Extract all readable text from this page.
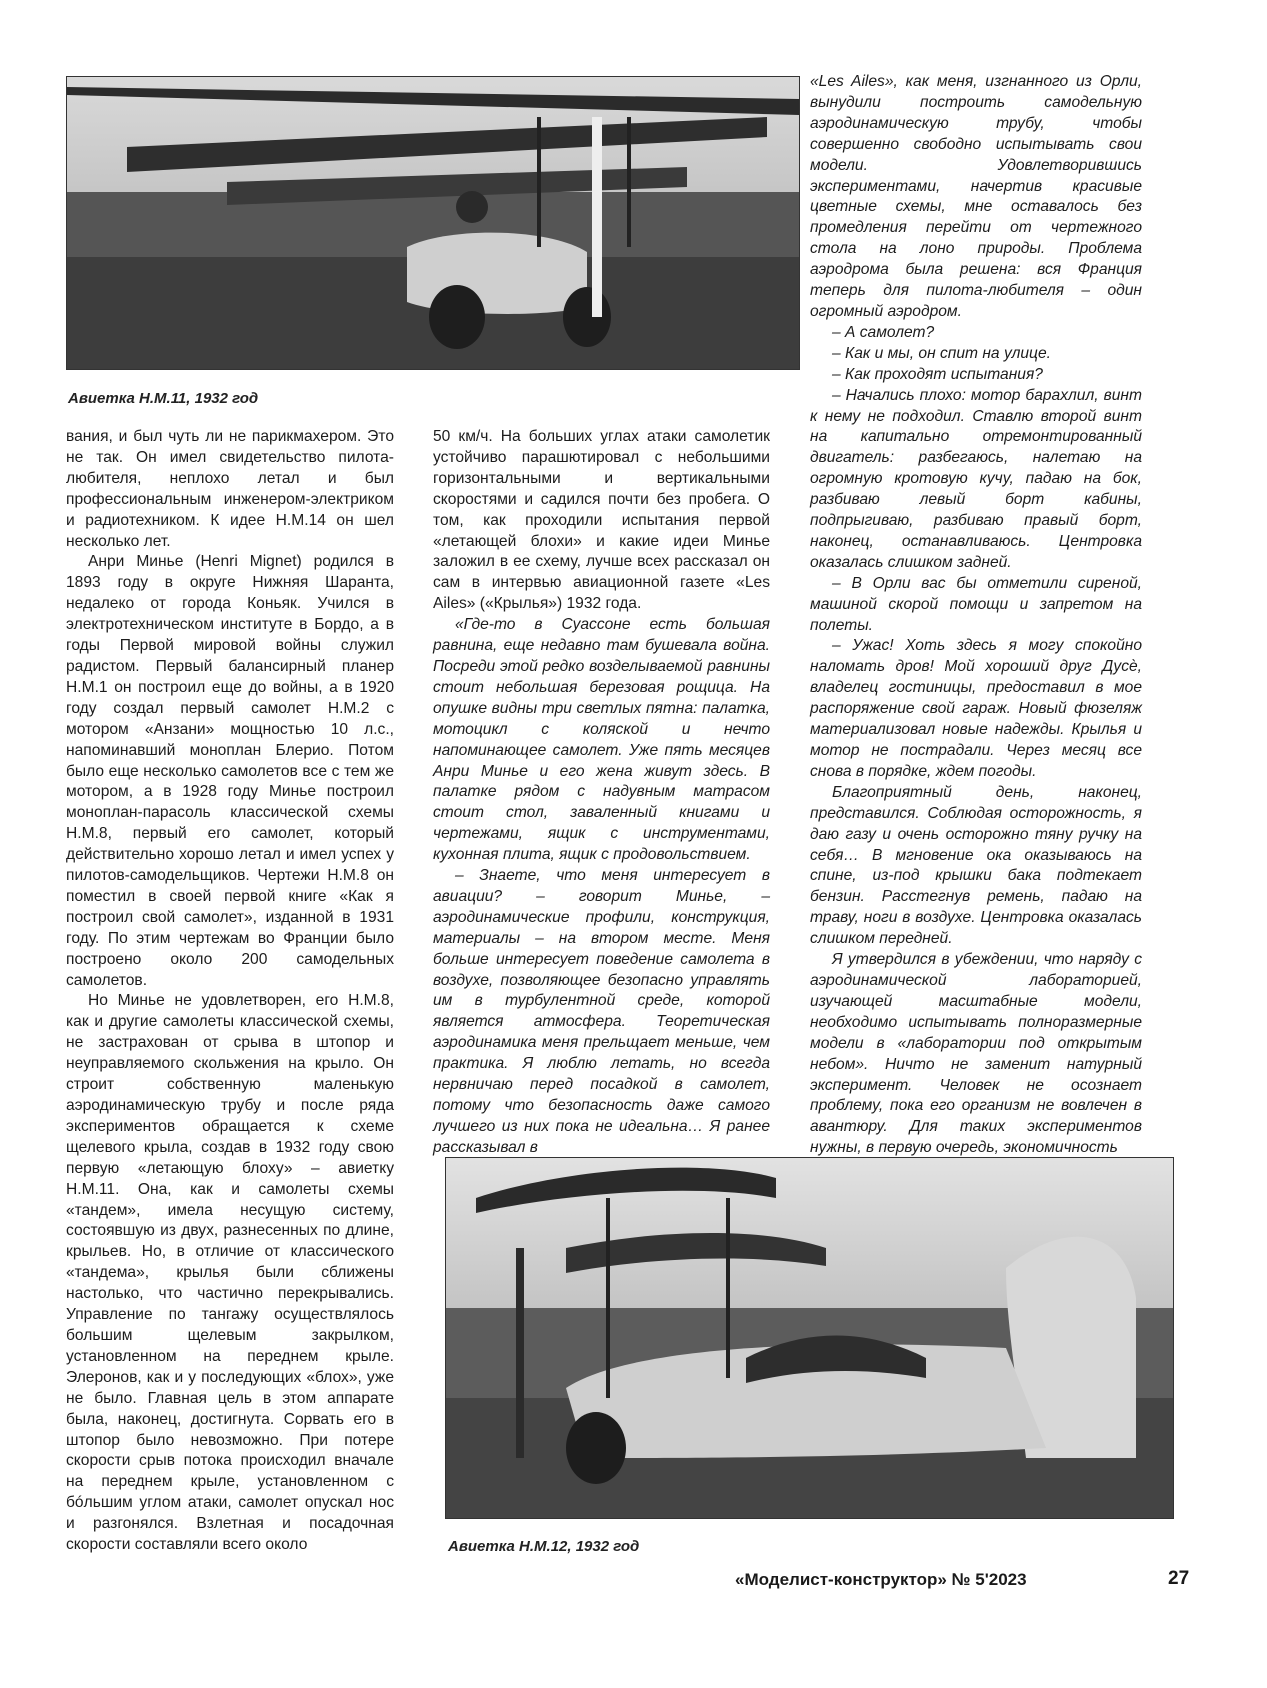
Авиетка Н.М.11, 1932 год

вания, и был чуть ли не парикмахером. Это не так. Он имел свидетельство пилота-любителя, неплохо летал и был профессиональным инженером-электриком и радиотехником. К идее Н.М.14 он шел несколько лет.

Анри Минье (Henri Mignet) родился в 1893 году в округе Нижняя Шаранта, недалеко от города Коньяк. Учился в электротехническом институте в Бордо, а в годы Первой мировой войны служил радистом. Первый балансирный планер Н.М.1 он построил еще до войны, а в 1920 году создал первый самолет Н.М.2 с мотором «Анзани» мощностью 10 л.с., напоминавший моноплан Блерио. Потом было еще несколько самолетов все с тем же мотором, а в 1928 году Минье построил моноплан-парасоль классической схемы Н.М.8, первый его самолет, который действительно хорошо летал и имел успех у пилотов-самодельщиков. Чертежи Н.М.8 он поместил в своей первой книге «Как я построил свой самолет», изданной в 1931 году. По этим чертежам во Франции было построено около 200 самодельных самолетов.

Но Минье не удовлетворен, его Н.М.8, как и другие самолеты классической схемы, не застрахован от срыва в штопор и неуправляемого скольжения на крыло. Он строит собственную маленькую аэродинамическую трубу и после ряда экспериментов обращается к схеме щелевого крыла, создав в 1932 году свою первую «летающую блоху» – авиетку Н.М.11. Она, как и самолеты схемы «тандем», имела несущую систему, состоявшую из двух, разнесенных по длине, крыльев. Но, в отличие от классического «тандема», крылья были сближены настолько, что частично перекрывались. Управление по тангажу осуществлялось большим щелевым закрылком, установленном на переднем крыле. Элеронов, как и у последующих «блох», уже не было. Главная цель в этом аппарате была, наконец, достигнута. Сорвать его в штопор было невозможно. При потере скорости срыв потока происходил вначале на переднем крыле, установленном с бóльшим углом атаки, самолет опускал нос и разгонялся. Взлетная и посадочная скорости составляли всего около

50 км/ч. На больших углах атаки самолетик устойчиво парашютировал с небольшими горизонтальными и вертикальными скоростями и садился почти без пробега. О том, как проходили испытания первой «летающей блохи» и какие идеи Минье заложил в ее схему, лучше всех рассказал он сам в интервью авиационной газете «Les Ailes» («Крылья») 1932 года.

«Где-то в Суассоне есть большая равнина, еще недавно там бушевала война. Посреди этой редко возделываемой равнины стоит небольшая березовая рощица. На опушке видны три светлых пятна: палатка, мотоцикл с коляской и нечто напоминающее самолет. Уже пять месяцев Анри Минье и его жена живут здесь. В палатке рядом с надувным матрасом стоит стол, заваленный книгами и чертежами, ящик с инструментами, кухонная плита, ящик с продовольствием.

– Знаете, что меня интересует в авиации? – говорит Минье, – аэродинамические профили, конструкция, материалы – на втором месте. Меня больше интересует поведение самолета в воздухе, позволяющее безопасно управлять им в турбулентной среде, которой является атмосфера. Теоретическая аэродинамика меня прельщает меньше, чем практика. Я люблю летать, но всегда нервничаю перед посадкой в самолет, потому что безопасность даже самого лучшего из них пока не идеальна… Я ранее рассказывал в

«Les Ailes», как меня, изгнанного из Орли, вынудили построить самодельную аэродинамическую трубу, чтобы совершенно свободно испытывать свои модели. Удовлетворившись экспериментами, начертив красивые цветные схемы, мне оставалось без промедления перейти от чертежного стола на лоно природы. Проблема аэродрома была решена: вся Франция теперь для пилота-любителя – один огромный аэродром.

– А самолет?

– Как и мы, он спит на улице.

– Как проходят испытания?

– Начались плохо: мотор барахлил, винт к нему не подходил. Ставлю второй винт на капитально отремонтированный двигатель: разбегаюсь, налетаю на огромную кротовую кучу, падаю на бок, разбиваю левый борт кабины, подпрыгиваю, разбиваю правый борт, наконец, останавливаюсь. Центровка оказалась слишком задней.

– В Орли вас бы отметили сиреной, машиной скорой помощи и запретом на полеты.

– Ужас! Хоть здесь я могу спокойно наломать дров! Мой хороший друг Дусѐ, владелец гостиницы, предоставил в мое распоряжение свой гараж. Новый фюзеляж материализовал новые надежды. Крылья и мотор не пострадали. Через месяц все снова в порядке, ждем погоды.

Благоприятный день, наконец, представился. Соблюдая осторожность, я даю газу и очень осторожно тяну ручку на себя… В мгновение ока оказываюсь на спине, из-под крышки бака подтекает бензин. Расстегнув ремень, падаю на траву, ноги в воздухе. Центровка оказалась слишком передней.

Я утвердился в убеждении, что наряду с аэродинамической лабораторией, изучающей масштабные модели, необходимо испытывать полноразмерные модели в «лаборатории под открытым небом». Ничто не заменит натурный эксперимент. Человек не осознает проблему, пока его организм не вовлечен в авантюру. Для таких экспериментов нужны, в первую очередь, экономичность

Авиетка Н.М.12, 1932 год
«Моделист-конструктор» № 5'2023	27
